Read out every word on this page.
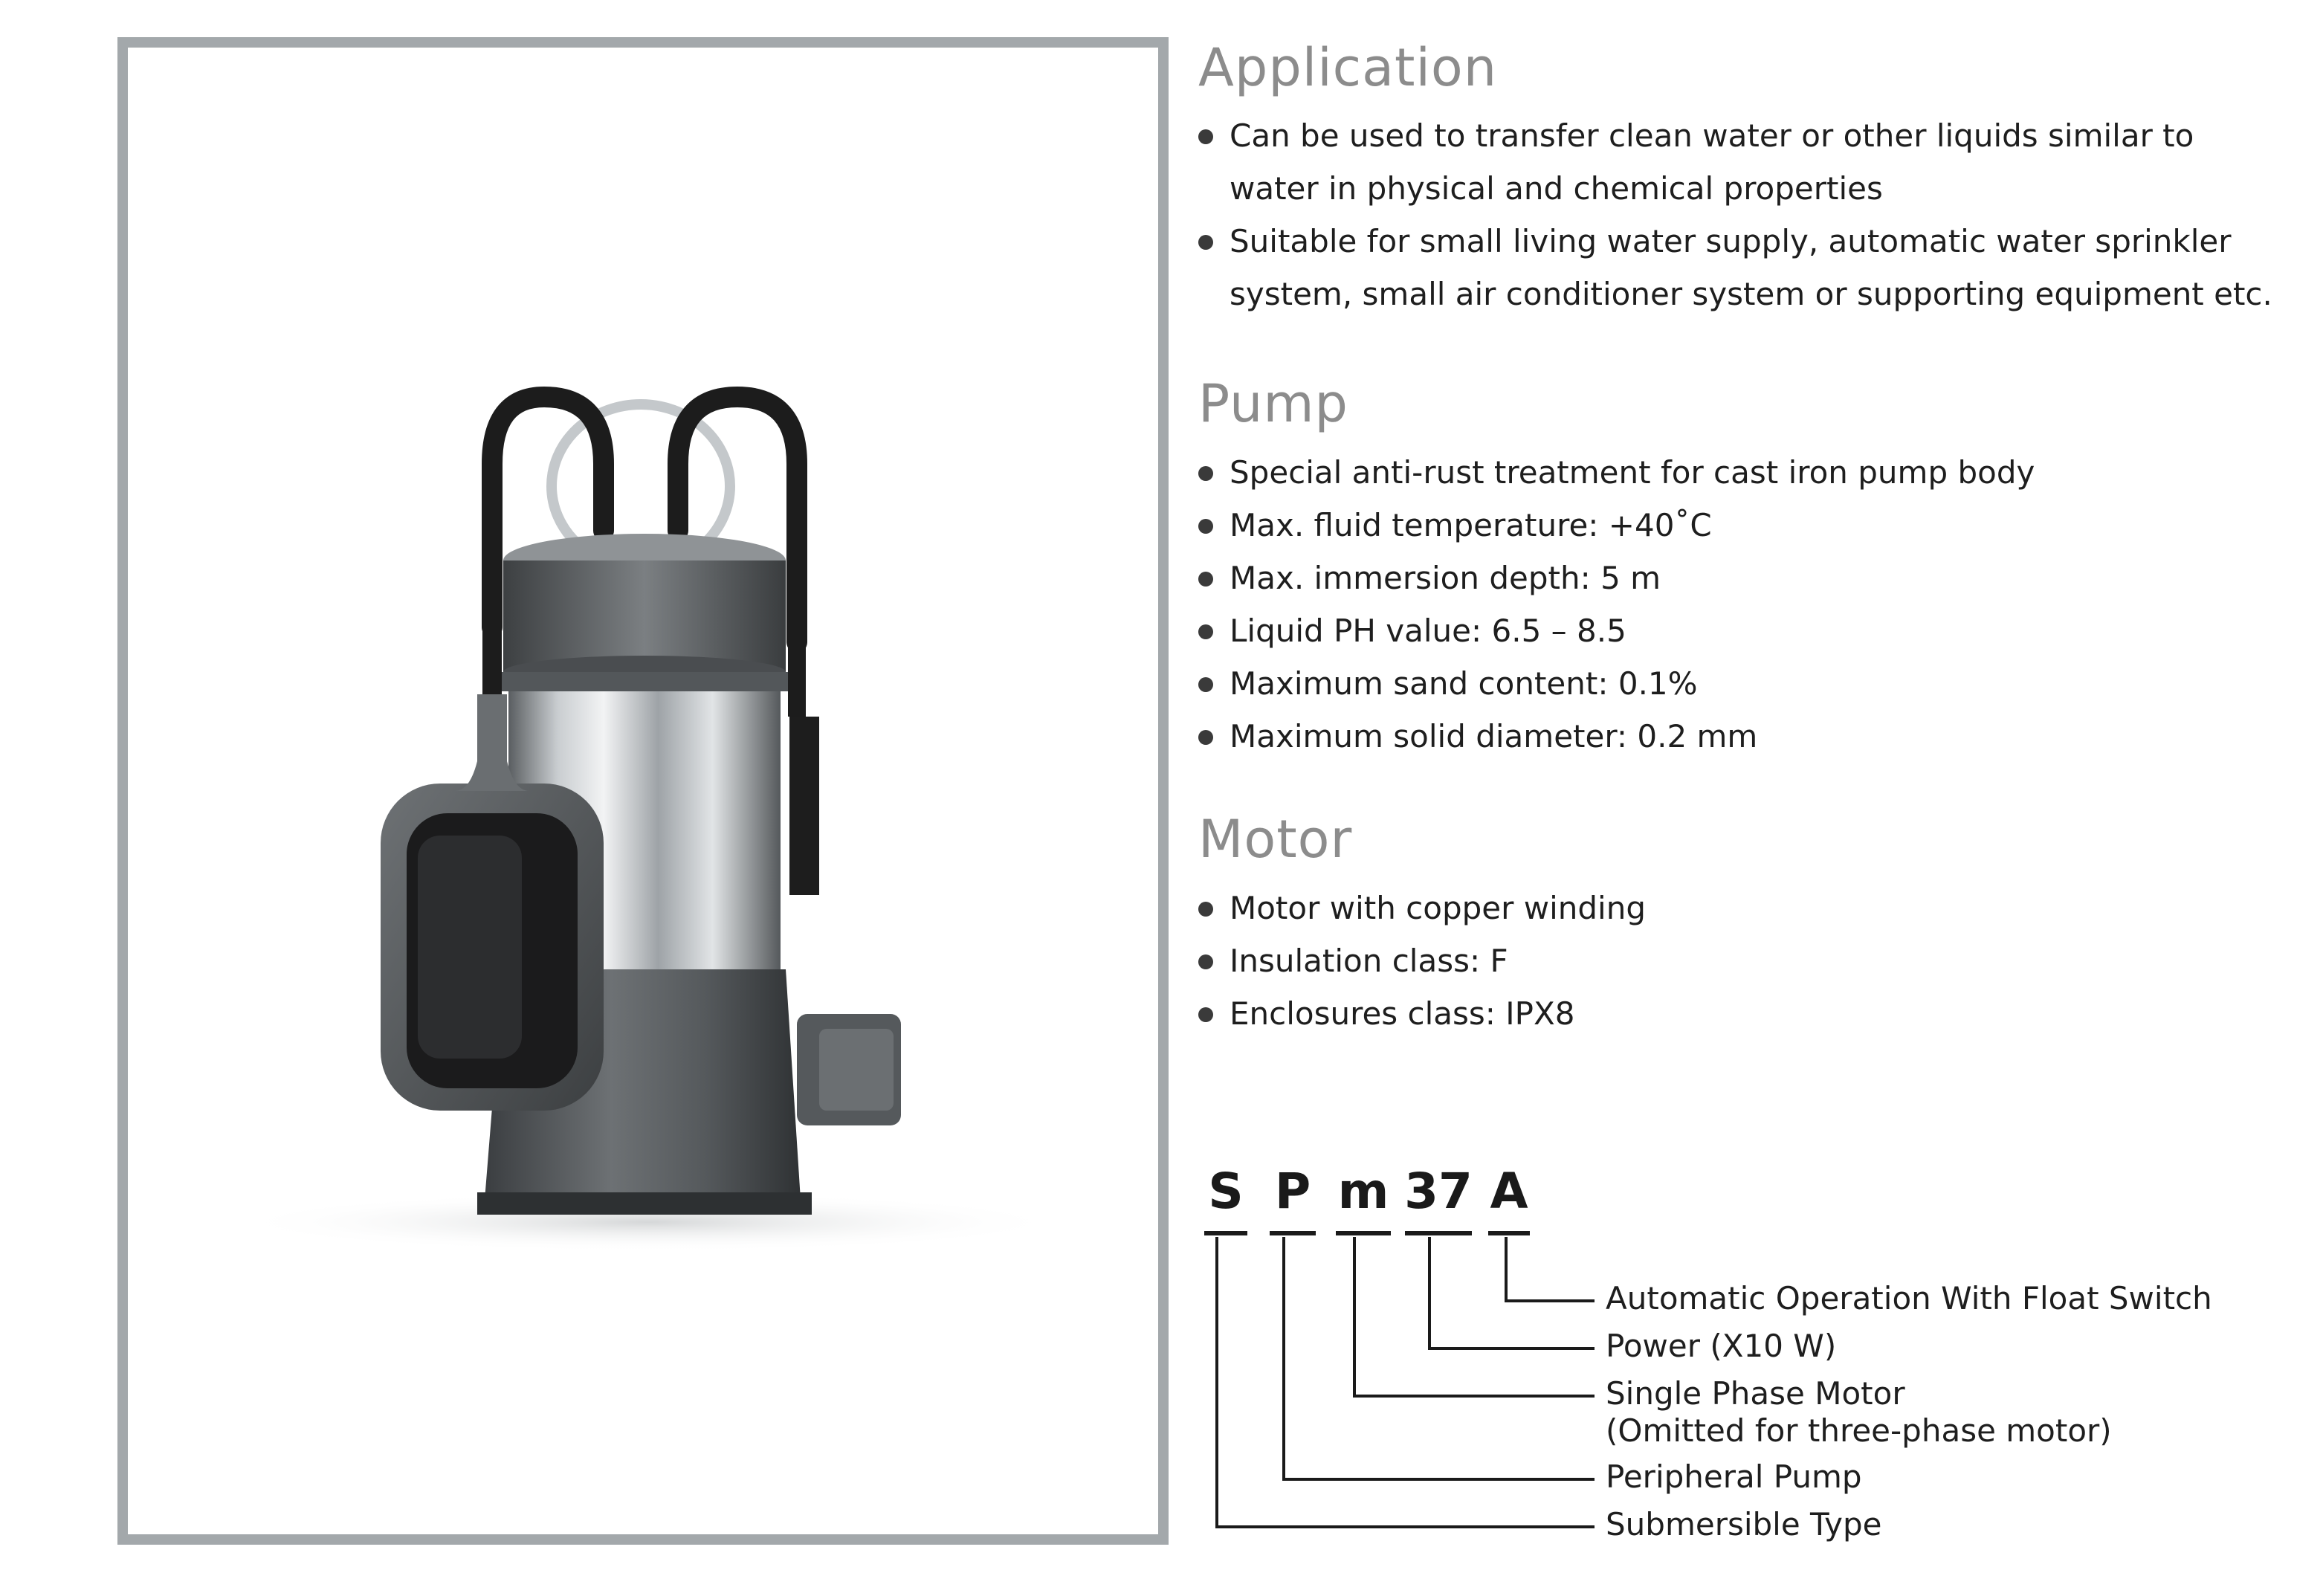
Application
Can be used to transfer clean water or other liquids similar to
water in physical and chemical properties
Suitable for small living water supply, automatic water sprinkler
system, small air conditioner system or supporting equipment etc.
Pump
Special anti-rust treatment for cast iron pump body
Max. fluid temperature: +40˚C
Max. immersion depth: 5 m
Liquid PH value: 6.5 – 8.5
Maximum sand content: 0.1%
Maximum solid diameter: 0.2 mm
Motor
Motor with copper winding
Insulation class: F
Enclosures class: IPX8
S P m 37 A
Automatic Operation With Float Switch
Power (X10 W)
Single Phase Motor
(Omitted for three-phase motor)
Peripheral Pump
Submersible Type
